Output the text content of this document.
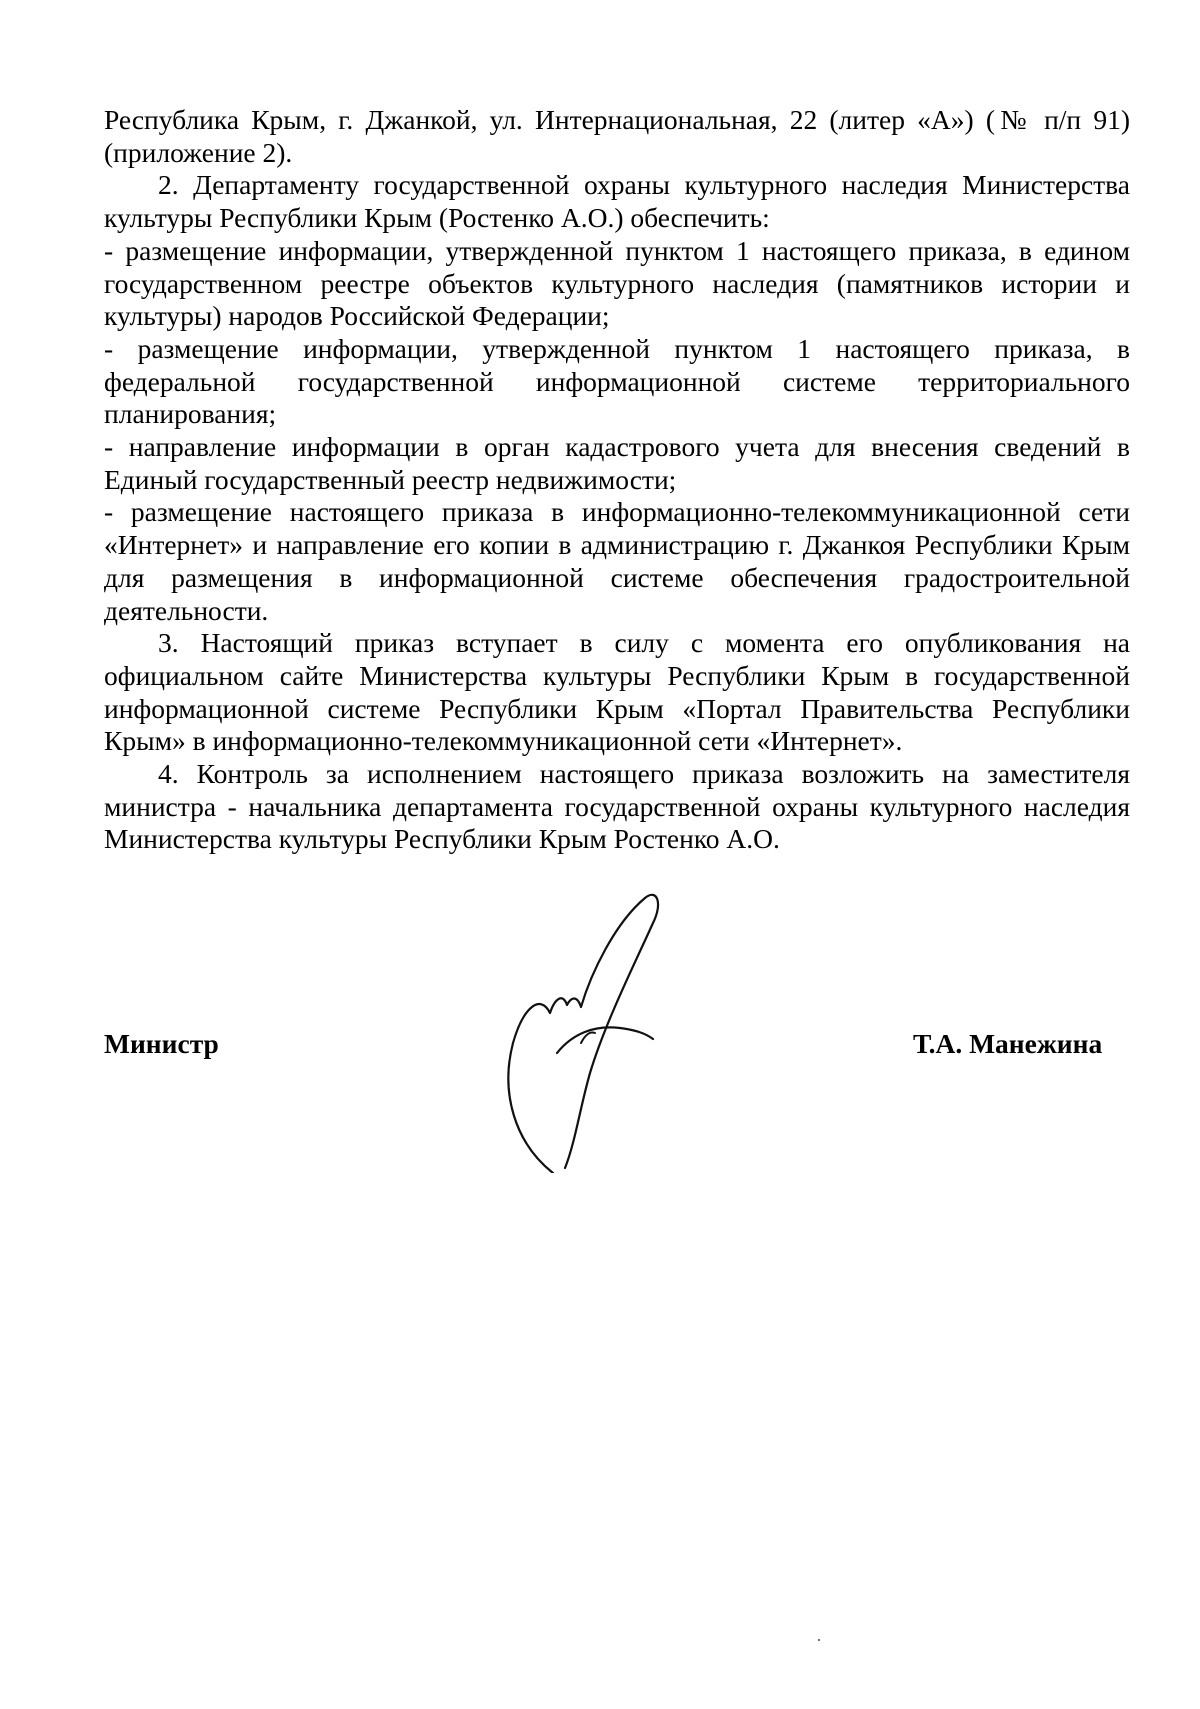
Республика Крым, г. Джанкой, ул. Интернациональная, 22 (литер «А») (№ п/п 91) (приложение 2).

2. Департаменту государственной охраны культурного наследия Министерства культуры Республики Крым (Ростенко А.О.) обеспечить:

- размещение информации, утвержденной пунктом 1 настоящего приказа, в едином государственном реестре объектов культурного наследия (памятников истории и культуры) народов Российской Федерации;

- размещение информации, утвержденной пунктом 1 настоящего приказа, в федеральной государственной информационной системе территориального планирования;

- направление информации в орган кадастрового учета для внесения сведений в Единый государственный реестр недвижимости;

- размещение настоящего приказа в информационно-телекоммуникационной сети «Интернет» и направление его копии в администрацию г. Джанкоя Республики Крым для размещения в информационной системе обеспечения градостроительной деятельности.

3. Настоящий приказ вступает в силу с момента его опубликования на официальном сайте Министерства культуры Республики Крым в государственной информационной системе Республики Крым «Портал Правительства Республики Крым» в информационно-телекоммуникационной сети «Интернет».

4. Контроль за исполнением настоящего приказа возложить на заместителя министра - начальника департамента государственной охраны культурного наследия Министерства культуры Республики Крым Ростенко А.О.

Министр	Т.А. Манежина
